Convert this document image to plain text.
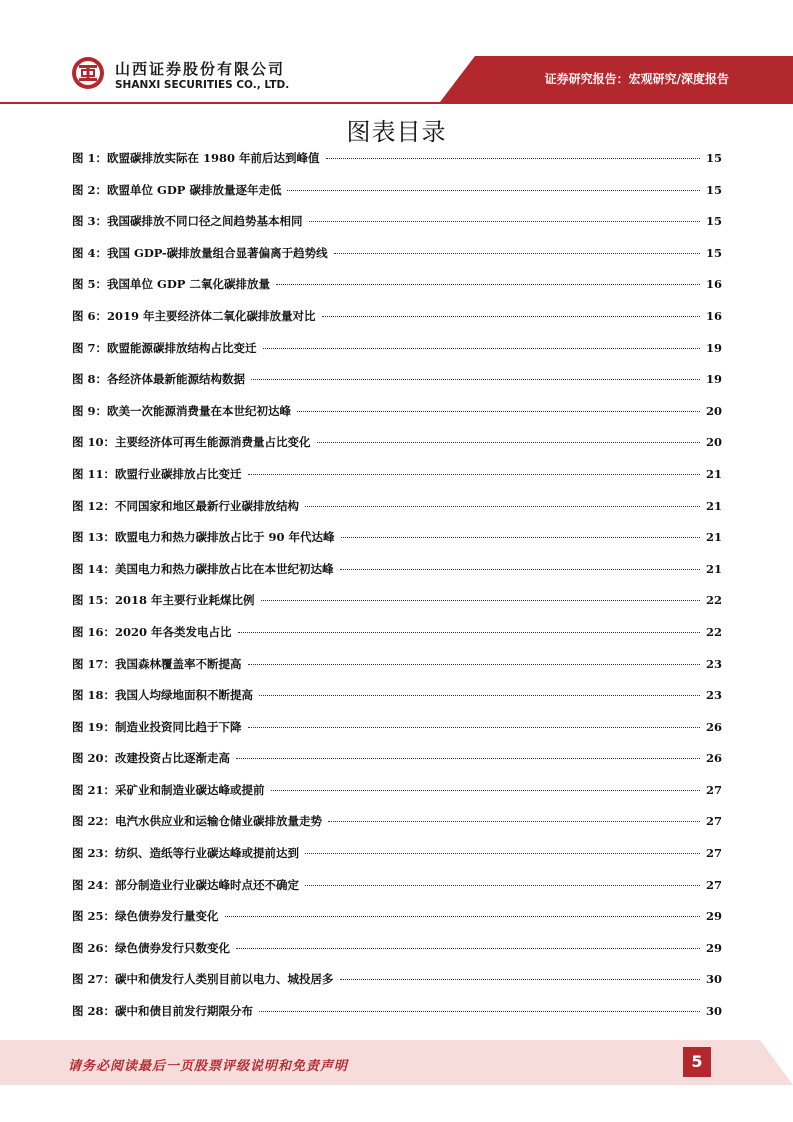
山西证券股份有限公司
SHANXI SECURITIES CO., LTD.	证券研究报告：宏观研究/深度报告
图表目录
图 1：欧盟碳排放实际在 1980 年前后达到峰值	15
图 2：欧盟单位 GDP 碳排放量逐年走低	15
图 3：我国碳排放不同口径之间趋势基本相同	15
图 4：我国 GDP-碳排放量组合显著偏离于趋势线	15
图 5：我国单位 GDP 二氧化碳排放量	16
图 6：2019 年主要经济体二氧化碳排放量对比	16
图 7：欧盟能源碳排放结构占比变迁	19
图 8：各经济体最新能源结构数据	19
图 9：欧美一次能源消费量在本世纪初达峰	20
图 10：主要经济体可再生能源消费量占比变化	20
图 11：欧盟行业碳排放占比变迁	21
图 12：不同国家和地区最新行业碳排放结构	21
图 13：欧盟电力和热力碳排放占比于 90 年代达峰	21
图 14：美国电力和热力碳排放占比在本世纪初达峰	21
图 15：2018 年主要行业耗煤比例	22
图 16：2020 年各类发电占比	22
图 17：我国森林覆盖率不断提高	23
图 18：我国人均绿地面积不断提高	23
图 19：制造业投资同比趋于下降	26
图 20：改建投资占比逐渐走高	26
图 21：采矿业和制造业碳达峰或提前	27
图 22：电汽水供应业和运输仓储业碳排放量走势	27
图 23：纺织、造纸等行业碳达峰或提前达到	27
图 24：部分制造业行业碳达峰时点还不确定	27
图 25：绿色债券发行量变化	29
图 26：绿色债券发行只数变化	29
图 27：碳中和债发行人类别目前以电力、城投居多	30
图 28：碳中和债目前发行期限分布	30
请务必阅读最后一页股票评级说明和免责声明	5
